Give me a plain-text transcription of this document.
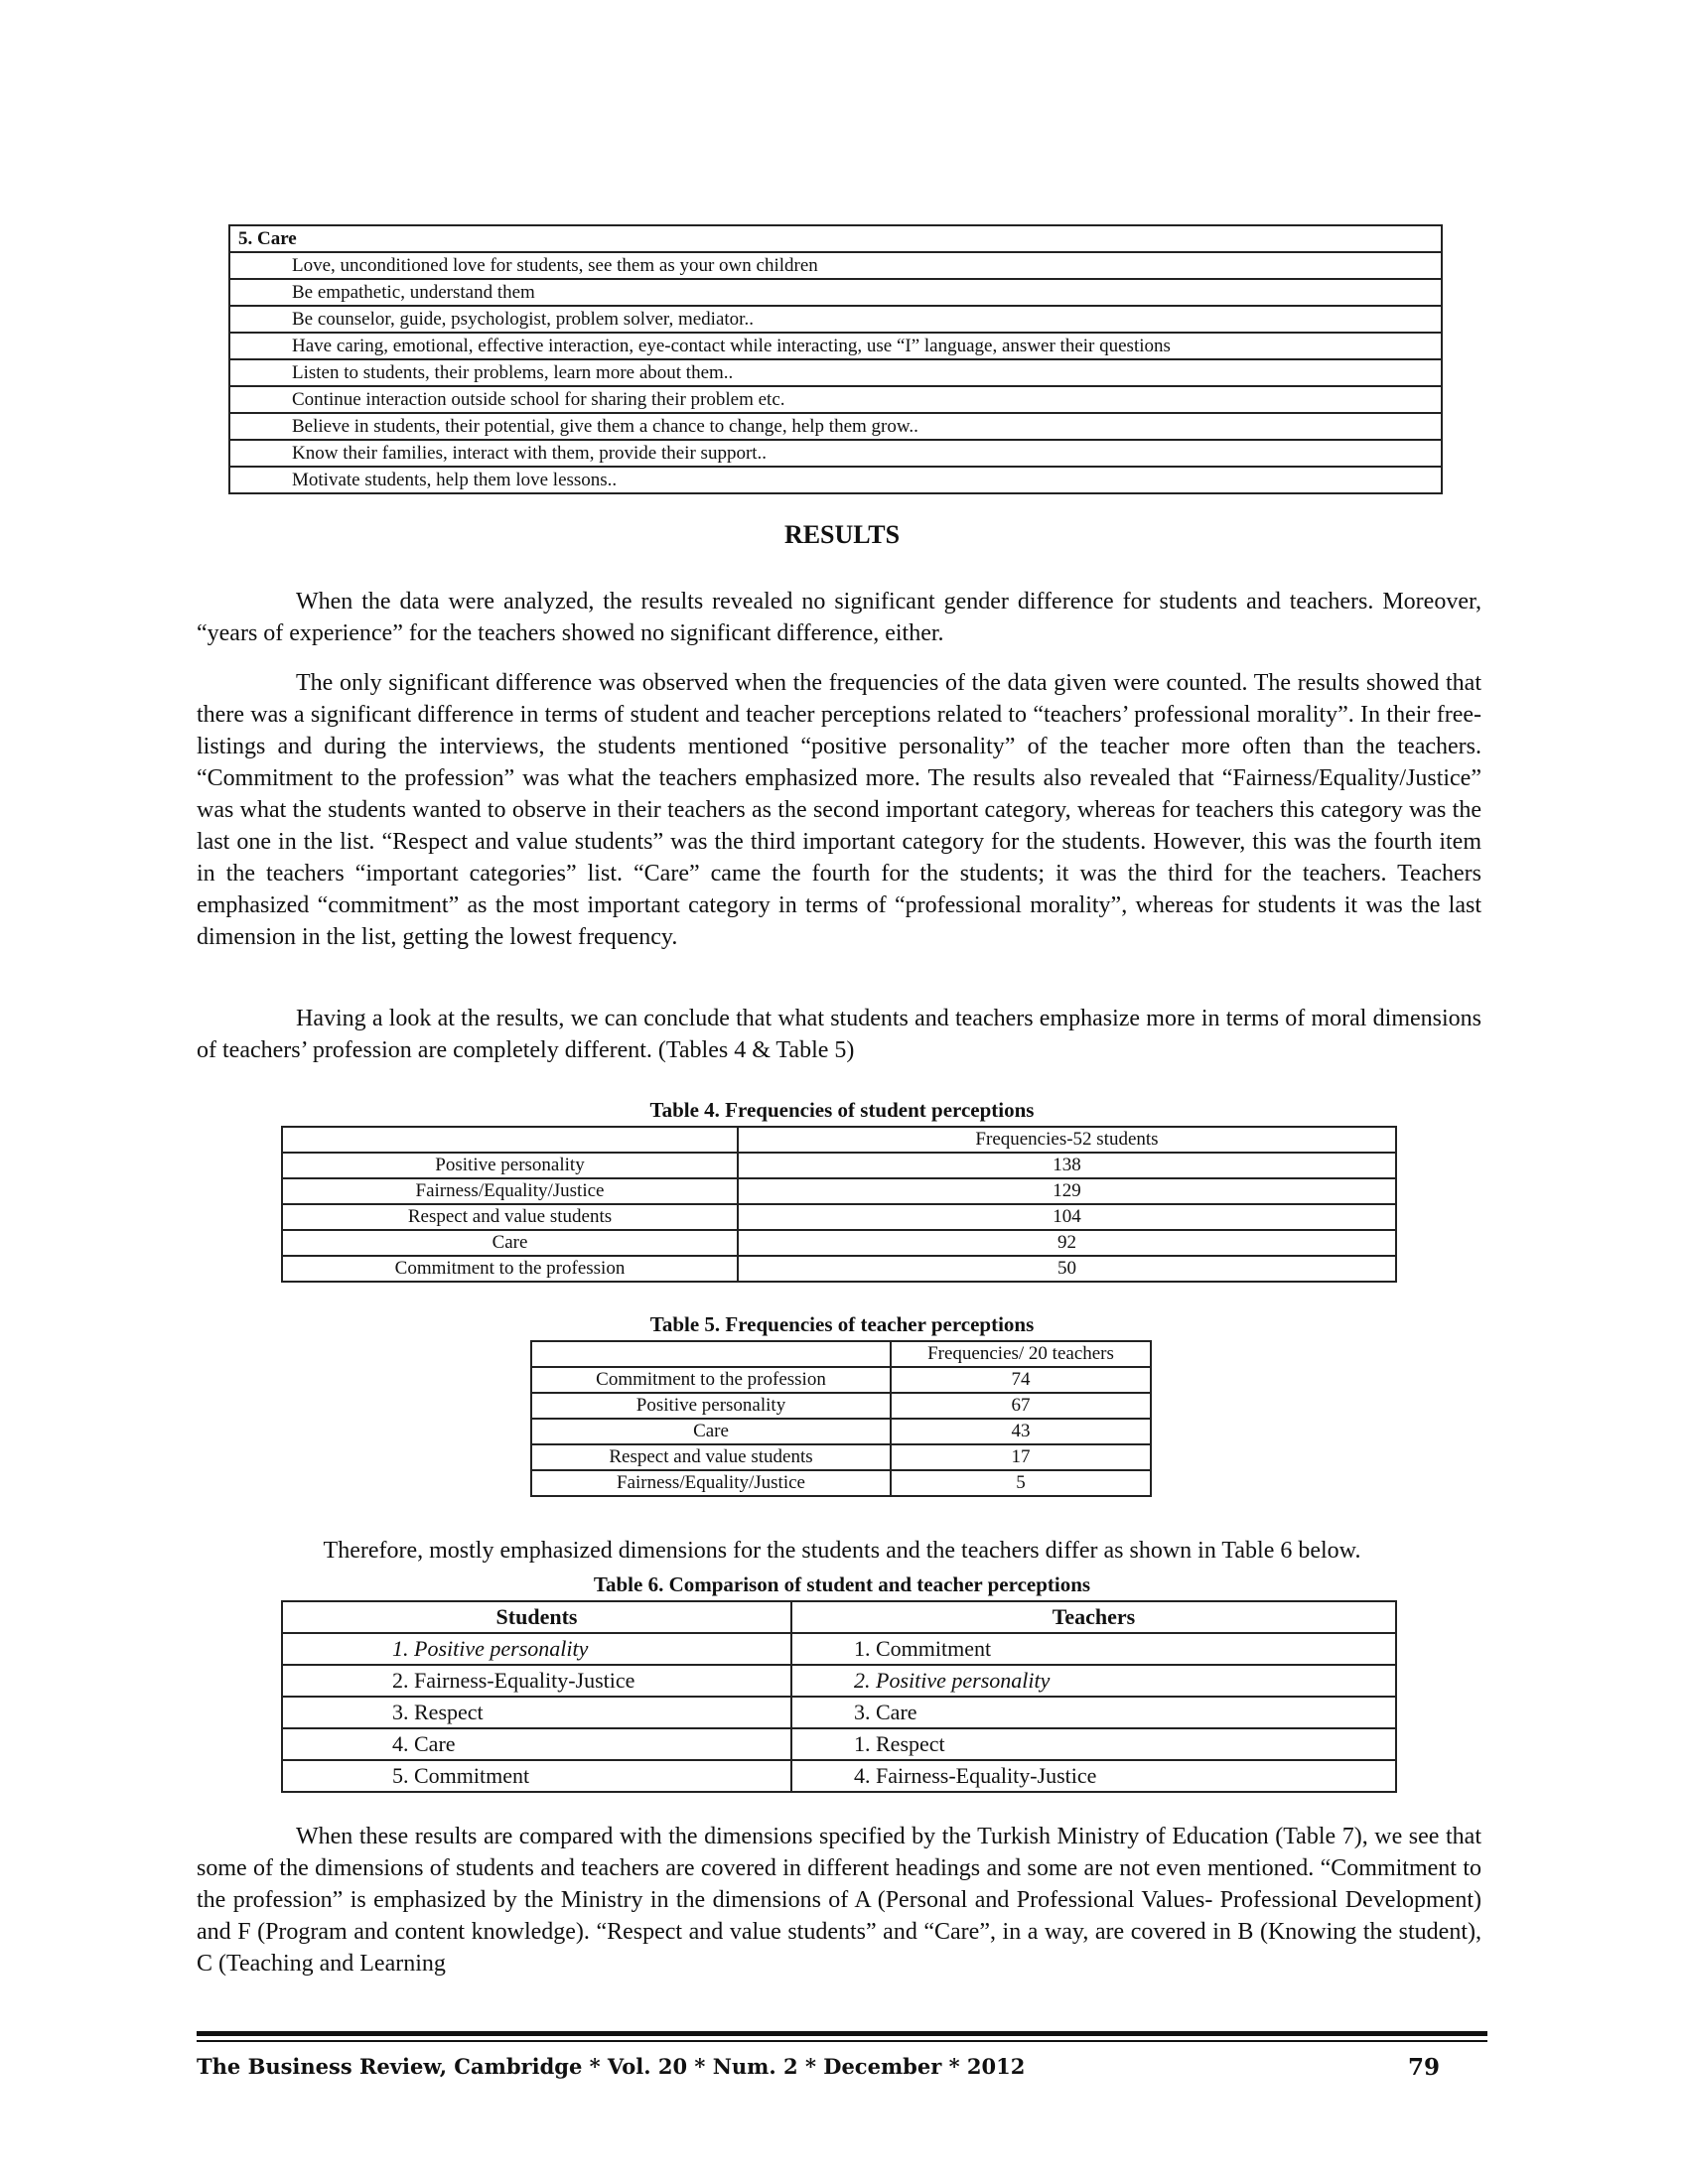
5. Care
Love, unconditioned love for students, see them as your own children
Be empathetic, understand them
Be counselor, guide, psychologist, problem solver, mediator..
Have caring, emotional, effective interaction, eye-contact while interacting, use “I” language, answer their questions
Listen to students, their problems, learn more about them..
Continue interaction outside school for sharing their problem etc.
Believe in students, their potential, give them a chance to change, help them grow..
Know their families, interact with them, provide their support..
Motivate students, help them love lessons..
RESULTS

When the data were analyzed, the results revealed no significant gender difference for students and teachers. Moreover, “years of experience” for the teachers showed no significant difference, either.

The only significant difference was observed when the frequencies of the data given were counted. The results showed that there was a significant difference in terms of student and teacher perceptions related to “teachers’ professional morality”. In their free-listings and during the interviews, the students mentioned “positive personality” of the teacher more often than the teachers. “Commitment to the profession” was what the teachers emphasized more. The results also revealed that “Fairness/Equality/Justice” was what the students wanted to observe in their teachers as the second important category, whereas for teachers this category was the last one in the list. “Respect and value students” was the third important category for the students. However, this was the fourth item in the teachers “important categories” list. “Care” came the fourth for the students; it was the third for the teachers. Teachers emphasized “commitment” as the most important category in terms of “professional morality”, whereas for students it was the last dimension in the list, getting the lowest frequency.

Having a look at the results, we can conclude that what students and teachers emphasize more in terms of moral dimensions of teachers’ profession are completely different. (Tables 4 & Table 5)

Table 4. Frequencies of student perceptions
	Frequencies-52 students
Positive personality	138
Fairness/Equality/Justice	129
Respect and value students	104
Care	92
Commitment to the profession	50
Table 5. Frequencies of teacher perceptions
	Frequencies/ 20 teachers
Commitment to the profession	74
Positive personality	67
Care	43
Respect and value students	17
Fairness/Equality/Justice	5
Therefore, mostly emphasized dimensions for the students and the teachers differ as shown in Table 6 below.
Table 6. Comparison of student and teacher perceptions
Students	Teachers
1. Positive personality	1. Commitment
2. Fairness-Equality-Justice	2. Positive personality
3. Respect	3. Care
4. Care	1. Respect
5. Commitment	4. Fairness-Equality-Justice

When these results are compared with the dimensions specified by the Turkish Ministry of Education (Table 7), we see that some of the dimensions of students and teachers are covered in different headings and some are not even mentioned. “Commitment to the profession” is emphasized by the Ministry in the dimensions of A (Personal and Professional Values- Professional Development) and F (Program and content knowledge). “Respect and value students” and “Care”, in a way, are covered in B (Knowing the student), C (Teaching and Learning

The Business Review, Cambridge * Vol. 20 * Num. 2 * December * 2012	79
